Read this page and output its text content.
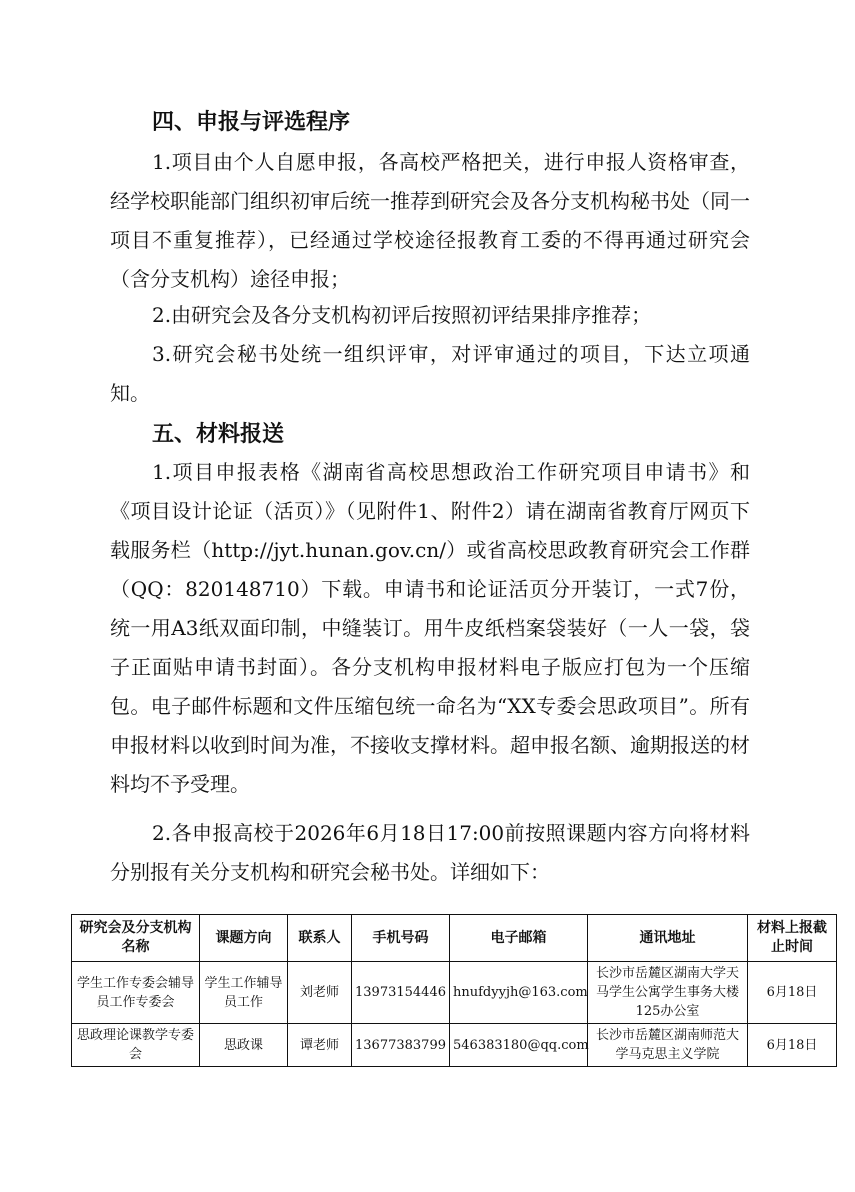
四、申报与评选程序

1.项目由个人自愿申报，各高校严格把关，进行申报人资格审查，经学校职能部门组织初审后统一推荐到研究会及各分支机构秘书处（同一项目不重复推荐），已经通过学校途径报教育工委的不得再通过研究会（含分支机构）途径申报；

2.由研究会及各分支机构初评后按照初评结果排序推荐；

3.研究会秘书处统一组织评审，对评审通过的项目，下达立项通知。

五、材料报送

1.项目申报表格《湖南省高校思想政治工作研究项目申请书》和《项目设计论证（活页）》（见附件1、附件2）请在湖南省教育厅网页下载服务栏（http://jyt.hunan.gov.cn/）或省高校思政教育研究会工作群（QQ：820148710）下载。申请书和论证活页分开装订，一式7份，统一用A3纸双面印制，中缝装订。用牛皮纸档案袋装好（一人一袋，袋子正面贴申请书封面）。各分支机构申报材料电子版应打包为一个压缩包。电子邮件标题和文件压缩包统一命名为“XX专委会思政项目”。所有申报材料以收到时间为准，不接收支撑材料。超申报名额、逾期报送的材料均不予受理。

2.各申报高校于2026年6月18日17:00前按照课题内容方向将材料分别报有关分支机构和研究会秘书处。详细如下：

研究会及分支机构名称	课题方向	联系人	手机号码	电子邮箱	通讯地址	材料上报截止时间
学生工作专委会辅导员工作专委会	学生工作辅导员工作	刘老师	13973154446	hnufdyyjh@163.com	长沙市岳麓区湖南大学天马学生公寓学生事务大楼125办公室	6月18日
思政理论课教学专委会	思政课	谭老师	13677383799	546383180@qq.com	长沙市岳麓区湖南师范大学马克思主义学院	6月18日
